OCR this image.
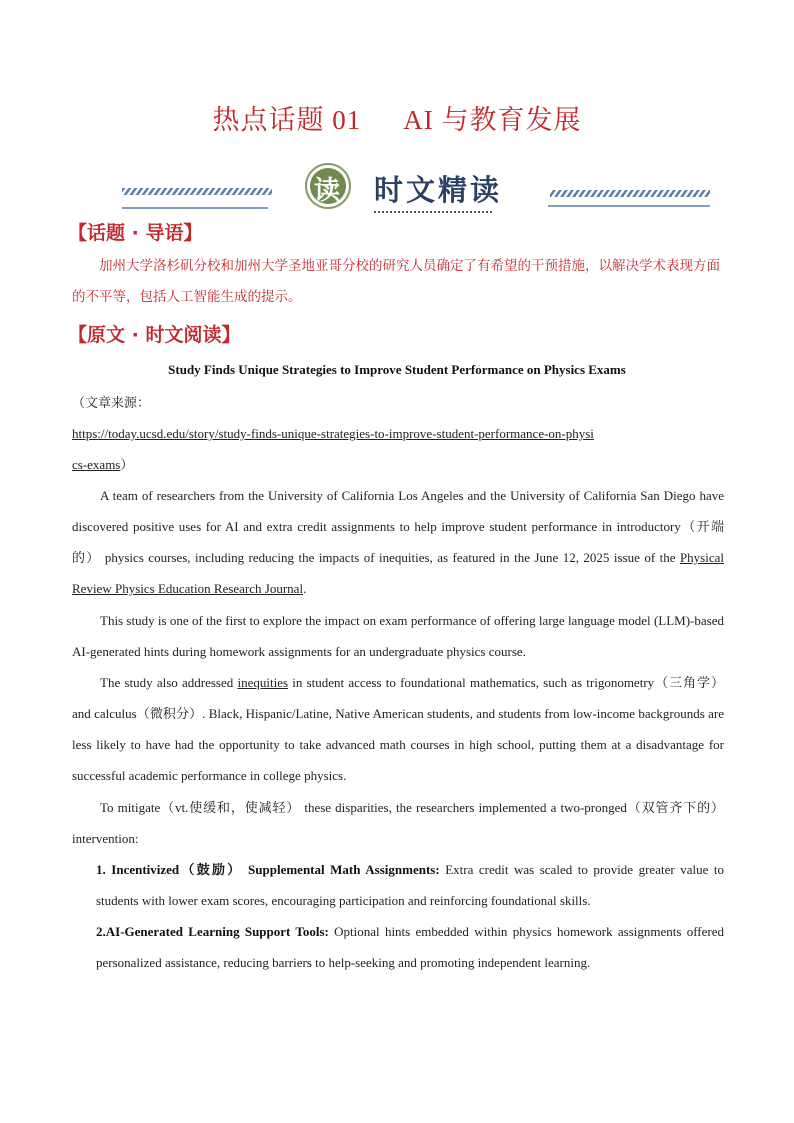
热点话题 01 AI 与教育发展
读 时文精读
【话题 · 导语】
加州大学洛杉矶分校和加州大学圣地亚哥分校的研究人员确定了有希望的干预措施，以解决学术表现方面的不平等，包括人工智能生成的提示。
【原文 · 时文阅读】
Study Finds Unique Strategies to Improve Student Performance on Physics Exams
（文章来源：
https://today.ucsd.edu/story/study-finds-unique-strategies-to-improve-student-performance-on-physi
cs-exams）
A team of researchers from the University of California Los Angeles and the University of California San Diego have discovered positive uses for AI and extra credit assignments to help improve student performance in introductory（开端的） physics courses, including reducing the impacts of inequities, as featured in the June 12, 2025 issue of the Physical Review Physics Education Research Journal.
This study is one of the first to explore the impact on exam performance of offering large language model (LLM)-based AI-generated hints during homework assignments for an undergraduate physics course.
The study also addressed inequities in student access to foundational mathematics, such as trigonometry（三角学） and calculus（微积分）. Black, Hispanic/Latine, Native American students, and students from low-income backgrounds are less likely to have had the opportunity to take advanced math courses in high school, putting them at a disadvantage for successful academic performance in college physics.
To mitigate（vt.使缓和，使减轻） these disparities, the researchers implemented a two-pronged（双管齐下的） intervention:
1. Incentivized（鼓励） Supplemental Math Assignments: Extra credit was scaled to provide greater value to students with lower exam scores, encouraging participation and reinforcing foundational skills.
2.AI-Generated Learning Support Tools: Optional hints embedded within physics homework assignments offered personalized assistance, reducing barriers to help-seeking and promoting independent learning.
